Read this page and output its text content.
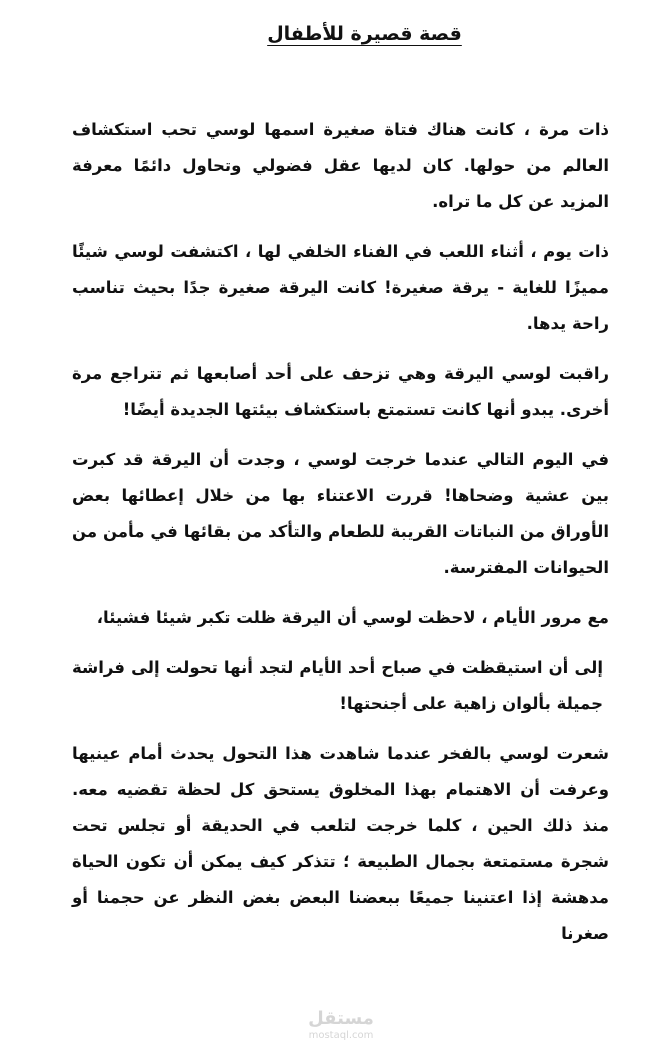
قصة قصيرة للأطفال

ذات مرة ، كانت هناك فتاة صغيرة اسمها لوسي تحب استكشاف العالم من حولها. كان لديها عقل فضولي وتحاول دائمًا معرفة المزيد عن كل ما تراه.

ذات يوم ، أثناء اللعب في الفناء الخلفي لها ، اكتشفت لوسي شيئًا مميزًا للغاية - يرقة صغيرة! كانت اليرقة صغيرة جدًا بحيث تناسب راحة يدها.

راقبت لوسي اليرقة وهي تزحف على أحد أصابعها ثم تتراجع مرة أخرى. يبدو أنها كانت تستمتع باستكشاف بيئتها الجديدة أيضًا!

في اليوم التالي عندما خرجت لوسي ، وجدت أن اليرقة قد كبرت بين عشية وضحاها! قررت الاعتناء بها من خلال إعطائها بعض الأوراق من النباتات القريبة للطعام والتأكد من بقائها في مأمن من الحيوانات المفترسة.

مع مرور الأيام ، لاحظت لوسي أن اليرقة ظلت تكبر شيئا فشيئا،

إلى أن استيقظت في صباح أحد الأيام لتجد أنها تحولت إلى فراشة جميلة بألوان زاهية على أجنحتها!

شعرت لوسي بالفخر عندما شاهدت هذا التحول يحدث أمام عينيها وعرفت أن الاهتمام بهذا المخلوق يستحق كل لحظة تقضيه معه. منذ ذلك الحين ، كلما خرجت لتلعب في الحديقة أو تجلس تحت شجرة مستمتعة بجمال الطبيعة ؛ تتذكر كيف يمكن أن تكون الحياة مدهشة إذا اعتنينا جميعًا ببعضنا البعض بغض النظر عن حجمنا أو صغرنا

مستقل
mostaql.com
